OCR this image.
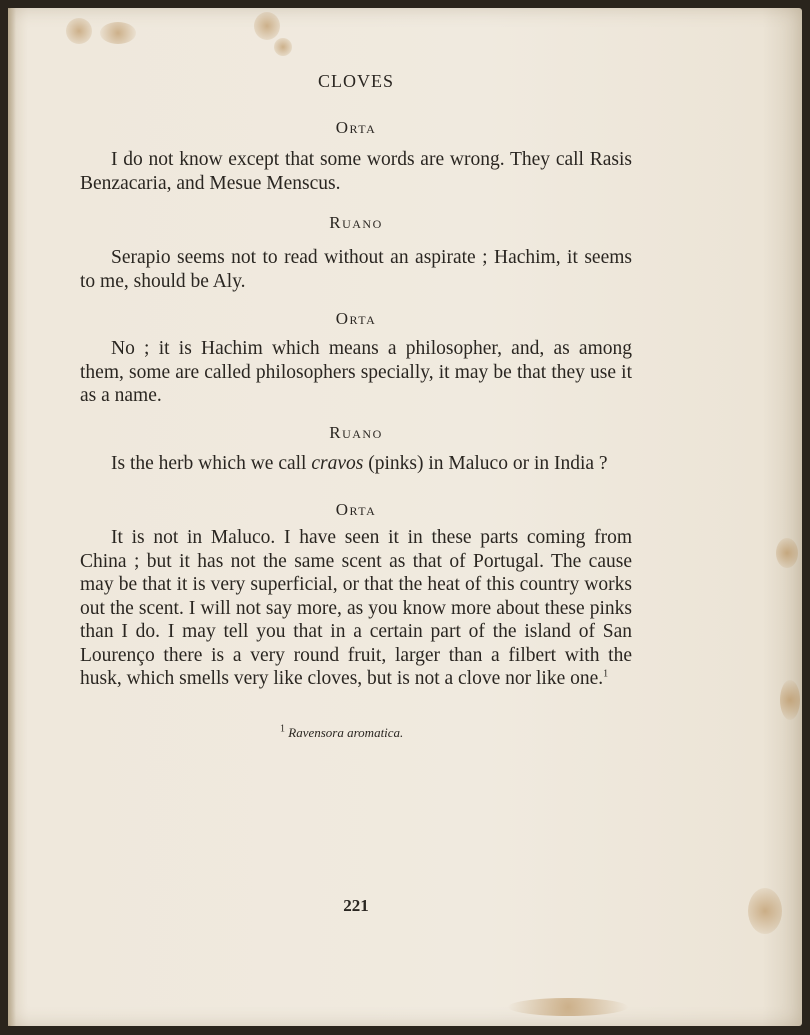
CLOVES
Orta

I do not know except that some words are wrong. They call Rasis Benzacaria, and Mesue Menscus.

Ruano

Serapio seems not to read without an aspirate ; Hachim, it seems to me, should be Aly.

Orta

No ; it is Hachim which means a philosopher, and, as among them, some are called philosophers specially, it may be that they use it as a name.

Ruano

Is the herb which we call cravos (pinks) in Maluco or in India ?

Orta

It is not in Maluco. I have seen it in these parts coming from China ; but it has not the same scent as that of Portugal. The cause may be that it is very superficial, or that the heat of this country works out the scent. I will not say more, as you know more about these pinks than I do. I may tell you that in a certain part of the island of San Lourenço there is a very round fruit, larger than a filbert with the husk, which smells very like cloves, but is not a clove nor like one.$^1$

$^1$ Ravensora aromatica.
221
